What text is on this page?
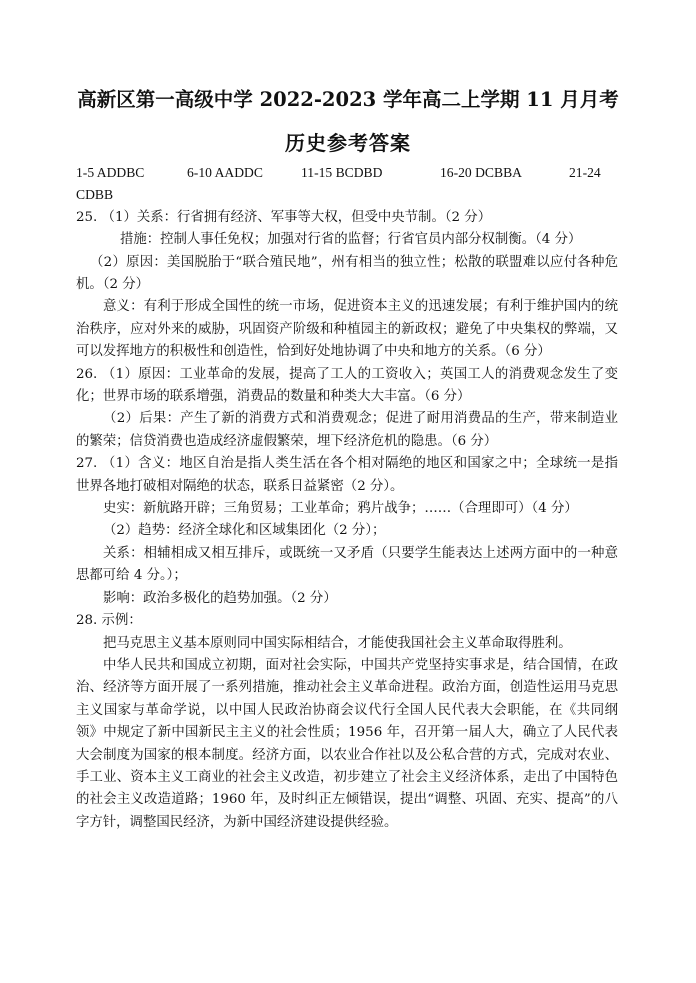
高新区第一高级中学 2022-2023 学年高二上学期 11 月月考
历史参考答案
1-5 ADDBC	6-10 AADDC	11-15 BCDBD	16-20 DCBBA	21-24
CDBB

25. （1）关系：行省拥有经济、军事等大权，但受中央节制。（2 分）

措施：控制人事任免权；加强对行省的监督；行省官员内部分权制衡。（4 分）

（2）原因：美国脱胎于“联合殖民地”，州有相当的独立性；松散的联盟难以应付各种危机。（2 分）

意义：有利于形成全国性的统一市场，促进资本主义的迅速发展；有利于维护国内的统治秩序，应对外来的威胁，巩固资产阶级和种植园主的新政权；避免了中央集权的弊端，又可以发挥地方的积极性和创造性，恰到好处地协调了中央和地方的关系。（6 分）

26. （1）原因：工业革命的发展，提高了工人的工资收入；英国工人的消费观念发生了变化；世界市场的联系增强，消费品的数量和种类大大丰富。（6 分）

（2）后果：产生了新的消费方式和消费观念；促进了耐用消费品的生产，带来制造业的繁荣；信贷消费也造成经济虚假繁荣，埋下经济危机的隐患。（6 分）

27. （1）含义：地区自治是指人类生活在各个相对隔绝的地区和国家之中；全球统一是指世界各地打破相对隔绝的状态，联系日益紧密（2 分）。

史实：新航路开辟；三角贸易；工业革命；鸦片战争；……（合理即可）（4 分）

（2）趋势：经济全球化和区域集团化（2 分）；

关系：相辅相成又相互排斥，或既统一又矛盾（只要学生能表达上述两方面中的一种意思都可给 4 分。）；

影响：政治多极化的趋势加强。（2 分）

28. 示例：

把马克思主义基本原则同中国实际相结合，才能使我国社会主义革命取得胜利。

中华人民共和国成立初期，面对社会实际，中国共产党坚持实事求是，结合国情，在政治、经济等方面开展了一系列措施，推动社会主义革命进程。政治方面，创造性运用马克思主义国家与革命学说，以中国人民政治协商会议代行全国人民代表大会职能，在《共同纲领》中规定了新中国新民主主义的社会性质；1956 年，召开第一届人大，确立了人民代表大会制度为国家的根本制度。经济方面，以农业合作社以及公私合营的方式，完成对农业、手工业、资本主义工商业的社会主义改造，初步建立了社会主义经济体系，走出了中国特色的社会主义改造道路；1960 年，及时纠正左倾错误，提出“调整、巩固、充实、提高”的八字方针，调整国民经济，为新中国经济建设提供经验。
